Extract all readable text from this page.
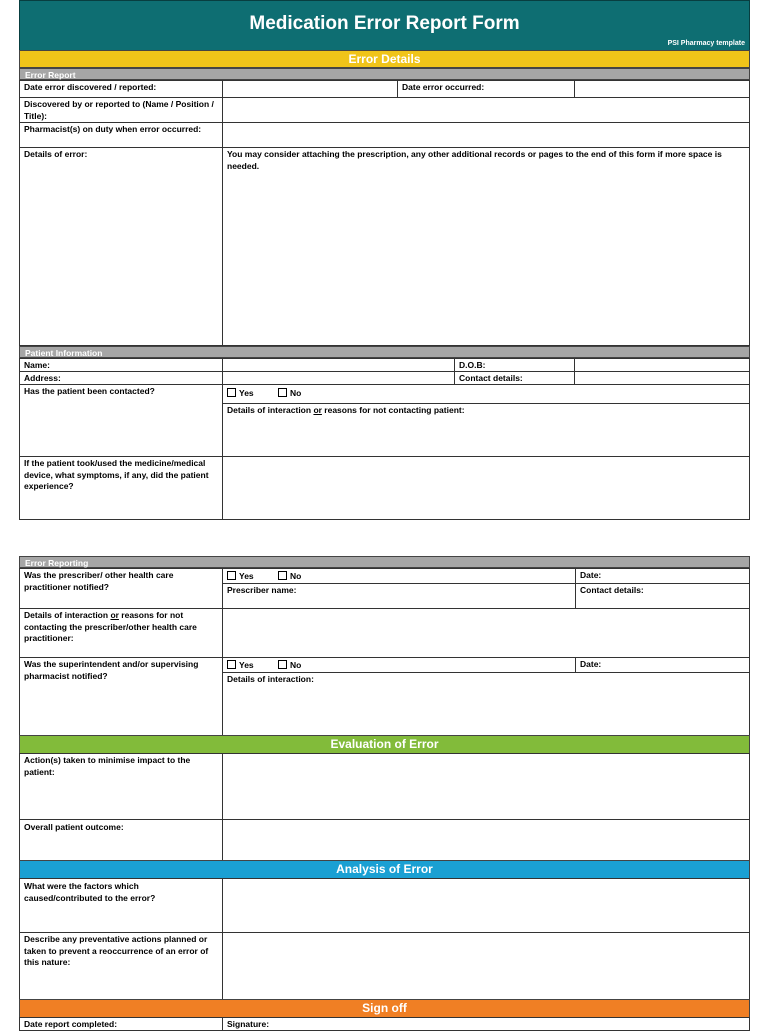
Medication Error Report Form
PSI Pharmacy template
Error Details
Error Report
Date error discovered / reported:	Date error occurred:
Discovered by or reported to (Name / Position / Title):
Pharmacist(s) on duty when error occurred:
Details of error:	You may consider attaching the prescription, any other additional records or pages to the end of this form if more space is needed.
Patient Information
Name:	D.O.B:
Address:	Contact details:
Has the patient been contacted?	Yes	No
Details of interaction or reasons for not contacting patient:
If the patient took/used the medicine/medical device, what symptoms, if any, did the patient experience?
Error Reporting
Was the prescriber/ other health care practitioner notified?
Yes	No	Date:
Prescriber name:	Contact details:
Details of interaction or reasons for not contacting the prescriber/other health care practitioner:
Was the superintendent and/or supervising pharmacist notified?
Yes	No	Date:
Details of interaction:
Evaluation of Error
Action(s) taken to minimise impact to the patient:
Overall patient outcome:
Analysis of Error
What were the factors which caused/contributed to the error?
Describe any preventative actions planned or taken to prevent a reoccurrence of an error of this nature:
Sign off
Date report completed:	Signature:
